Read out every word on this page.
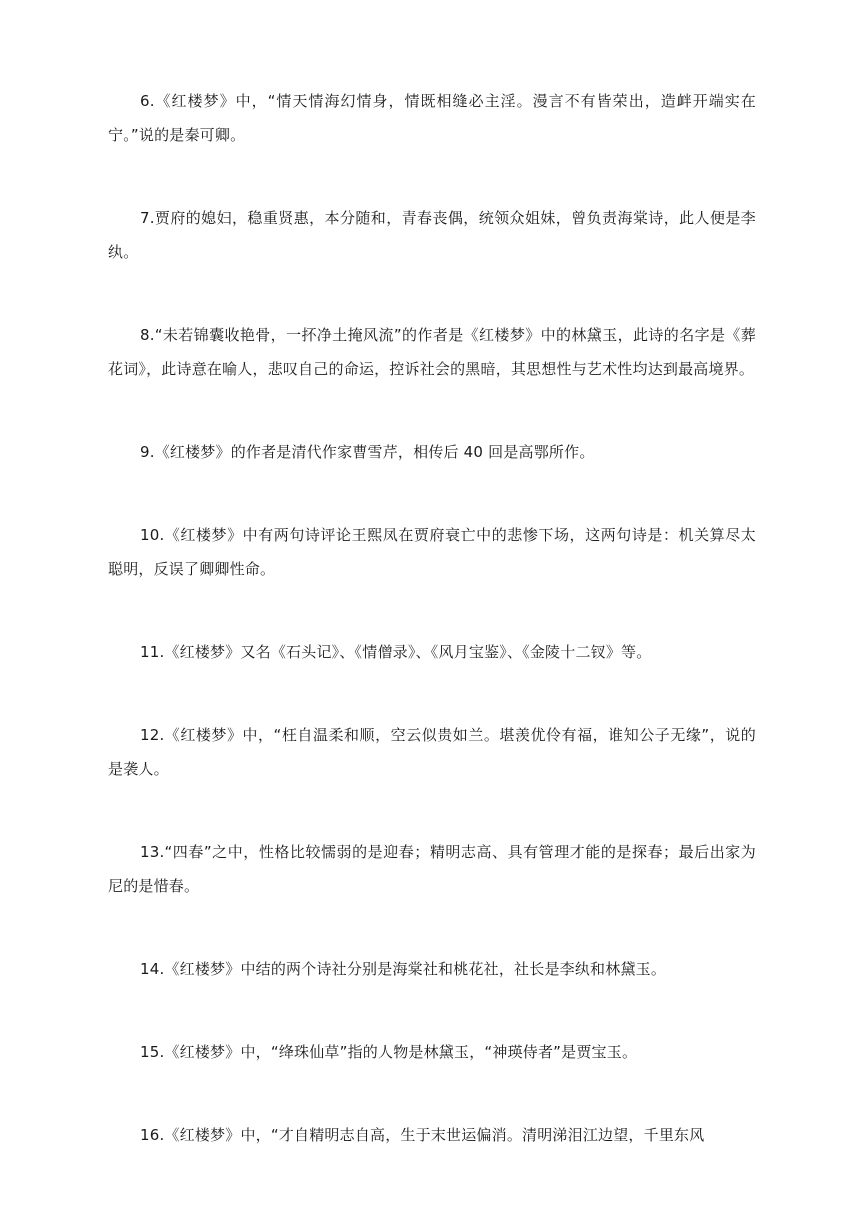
6.《红楼梦》中，“情天情海幻情身，情既相缝必主淫。漫言不有皆荣出，造衅开端实在宁。”说的是秦可卿。

7.贾府的媳妇，稳重贤惠，本分随和，青春丧偶，统领众姐妹，曾负责海棠诗，此人便是李纨。

8.“未若锦囊收艳骨，一抔净土掩风流”的作者是《红楼梦》中的林黛玉，此诗的名字是《葬花词》，此诗意在喻人，悲叹自己的命运，控诉社会的黑暗，其思想性与艺术性均达到最高境界。

9.《红楼梦》的作者是清代作家曹雪芹，相传后 40 回是高鄂所作。

10.《红楼梦》中有两句诗评论王熙凤在贾府衰亡中的悲惨下场，这两句诗是：机关算尽太聪明，反误了卿卿性命。

11.《红楼梦》又名《石头记》、《情僧录》、《风月宝鉴》、《金陵十二钗》等。

12.《红楼梦》中，“枉自温柔和顺，空云似贵如兰。堪羡优伶有福，谁知公子无缘”，说的是袭人。

13.“四春”之中，性格比较懦弱的是迎春；精明志高、具有管理才能的是探春；最后出家为尼的是惜春。

14.《红楼梦》中结的两个诗社分别是海棠社和桃花社，社长是李纨和林黛玉。

15.《红楼梦》中，“绛珠仙草”指的人物是林黛玉，“神瑛侍者”是贾宝玉。

16.《红楼梦》中，“才自精明志自高，生于末世运偏消。清明涕泪江边望，千里东风
